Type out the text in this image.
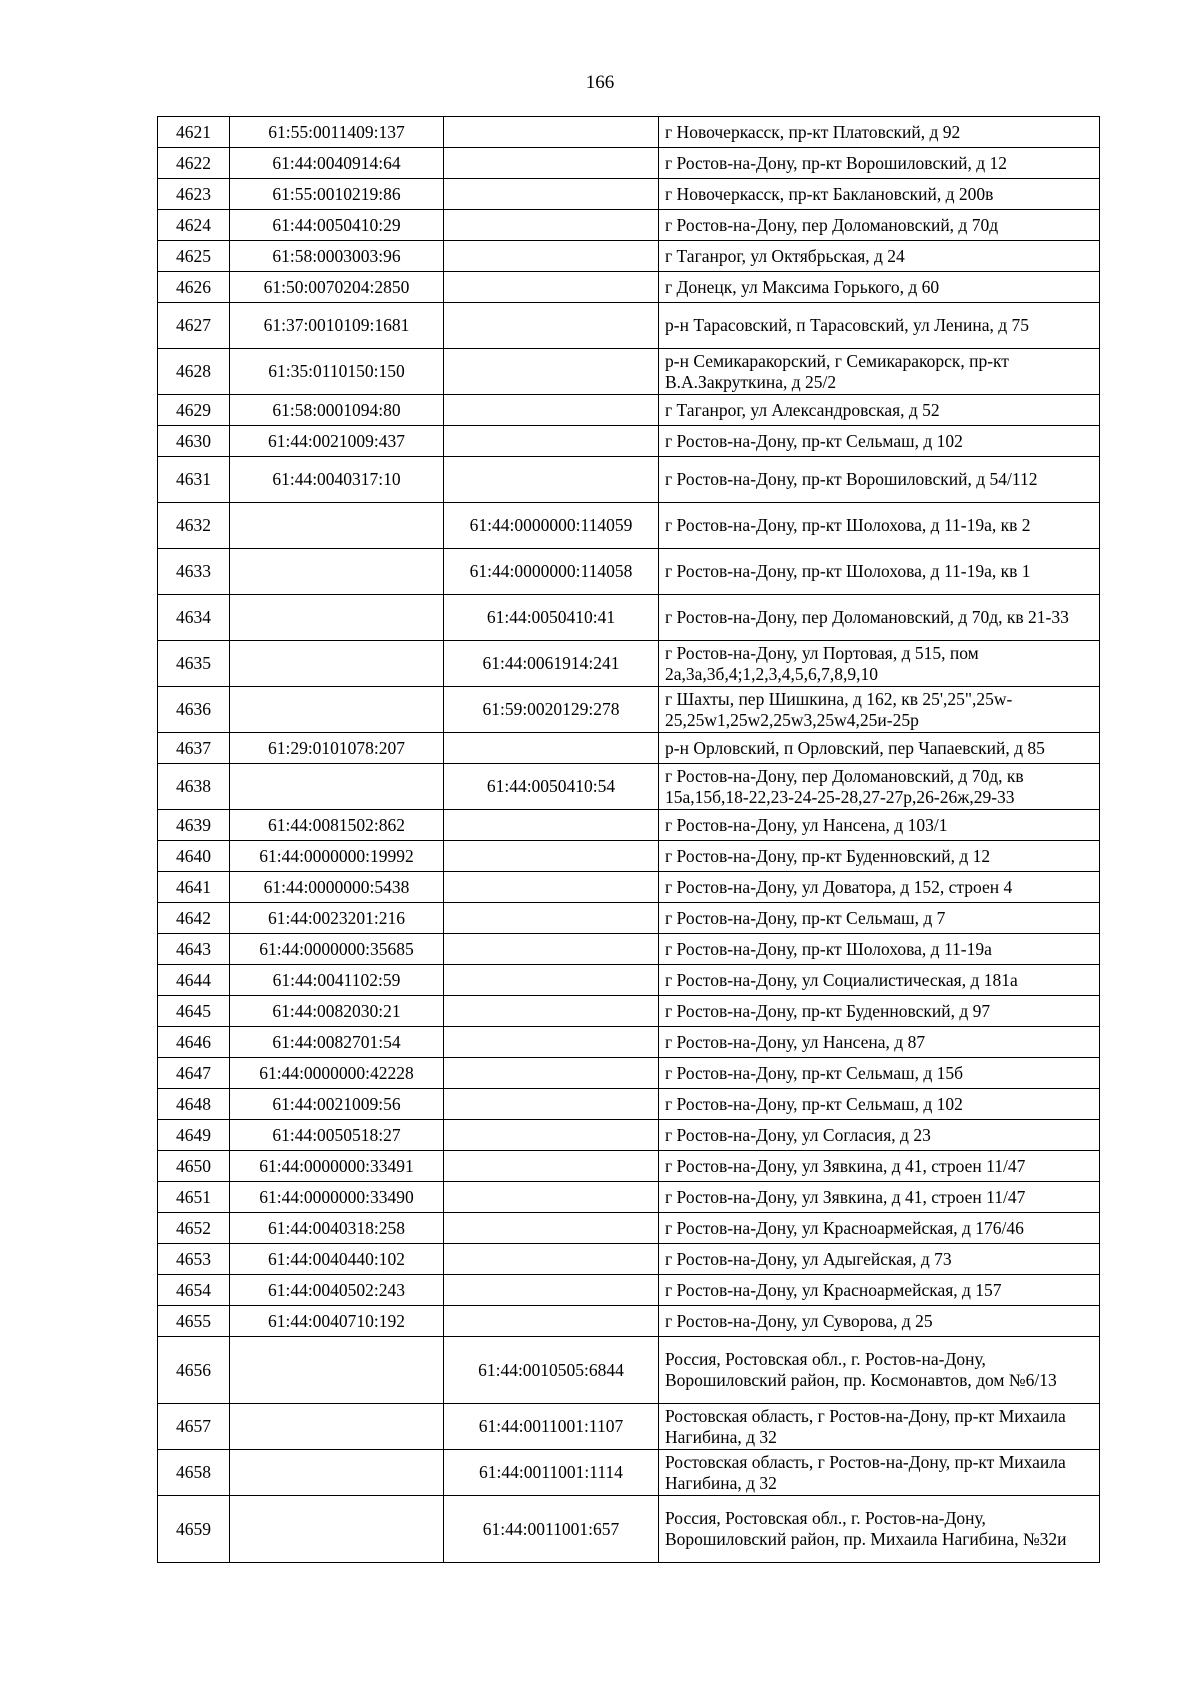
166
4621	61:55:0011409:137		г Новочеркасск, пр-кт Платовский, д 92
4622	61:44:0040914:64		г Ростов-на-Дону, пр-кт Ворошиловский, д 12
4623	61:55:0010219:86		г Новочеркасск, пр-кт Баклановский, д 200в
4624	61:44:0050410:29		г Ростов-на-Дону, пер Доломановский, д 70д
4625	61:58:0003003:96		г Таганрог, ул Октябрьская, д 24
4626	61:50:0070204:2850		г Донецк, ул Максима Горького, д 60
4627	61:37:0010109:1681		р-н Тарасовский, п Тарасовский, ул Ленина, д 75
4628	61:35:0110150:150		р-н Семикаракорский, г Семикаракорск, пр-кт В.А.Закруткина, д 25/2
4629	61:58:0001094:80		г Таганрог, ул Александровская, д 52
4630	61:44:0021009:437		г Ростов-на-Дону, пр-кт Сельмаш, д 102
4631	61:44:0040317:10		г Ростов-на-Дону, пр-кт Ворошиловский, д 54/112
4632		61:44:0000000:114059	г Ростов-на-Дону, пр-кт Шолохова, д 11-19а, кв 2
4633		61:44:0000000:114058	г Ростов-на-Дону, пр-кт Шолохова, д 11-19а, кв 1
4634		61:44:0050410:41	г Ростов-на-Дону, пер Доломановский, д 70д, кв 21-33
4635		61:44:0061914:241	г Ростов-на-Дону, ул Портовая, д 515, пом 2а,3а,3б,4;1,2,3,4,5,6,7,8,9,10
4636		61:59:0020129:278	г Шахты, пер Шишкина, д 162, кв 25',25",25w-25,25w1,25w2,25w3,25w4,25и-25р
4637	61:29:0101078:207		р-н Орловский, п Орловский, пер Чапаевский, д 85
4638		61:44:0050410:54	г Ростов-на-Дону, пер Доломановский, д 70д, кв 15а,15б,18-22,23-24-25-28,27-27р,26-26ж,29-33
4639	61:44:0081502:862		г Ростов-на-Дону, ул Нансена, д 103/1
4640	61:44:0000000:19992		г Ростов-на-Дону, пр-кт Буденновский, д 12
4641	61:44:0000000:5438		г Ростов-на-Дону, ул Доватора, д 152, строен 4
4642	61:44:0023201:216		г Ростов-на-Дону, пр-кт Сельмаш, д 7
4643	61:44:0000000:35685		г Ростов-на-Дону, пр-кт Шолохова, д 11-19а
4644	61:44:0041102:59		г Ростов-на-Дону, ул Социалистическая, д 181а
4645	61:44:0082030:21		г Ростов-на-Дону, пр-кт Буденновский, д 97
4646	61:44:0082701:54		г Ростов-на-Дону, ул Нансена, д 87
4647	61:44:0000000:42228		г Ростов-на-Дону, пр-кт Сельмаш, д 15б
4648	61:44:0021009:56		г Ростов-на-Дону, пр-кт Сельмаш, д 102
4649	61:44:0050518:27		г Ростов-на-Дону, ул Согласия, д 23
4650	61:44:0000000:33491		г Ростов-на-Дону, ул Зявкина, д 41, строен 11/47
4651	61:44:0000000:33490		г Ростов-на-Дону, ул Зявкина, д 41, строен 11/47
4652	61:44:0040318:258		г Ростов-на-Дону, ул Красноармейская, д 176/46
4653	61:44:0040440:102		г Ростов-на-Дону, ул Адыгейская, д 73
4654	61:44:0040502:243		г Ростов-на-Дону, ул Красноармейская, д 157
4655	61:44:0040710:192		г Ростов-на-Дону, ул Суворова, д 25
4656		61:44:0010505:6844	Россия, Ростовская обл., г. Ростов-на-Дону, Ворошиловский район, пр. Космонавтов, дом №6/13
4657		61:44:0011001:1107	Ростовская область, г Ростов-на-Дону, пр-кт Михаила Нагибина, д 32
4658		61:44:0011001:1114	Ростовская область, г Ростов-на-Дону, пр-кт Михаила Нагибина, д 32
4659		61:44:0011001:657	Россия, Ростовская обл., г. Ростов-на-Дону, Ворошиловский район, пр. Михаила Нагибина, №32и
